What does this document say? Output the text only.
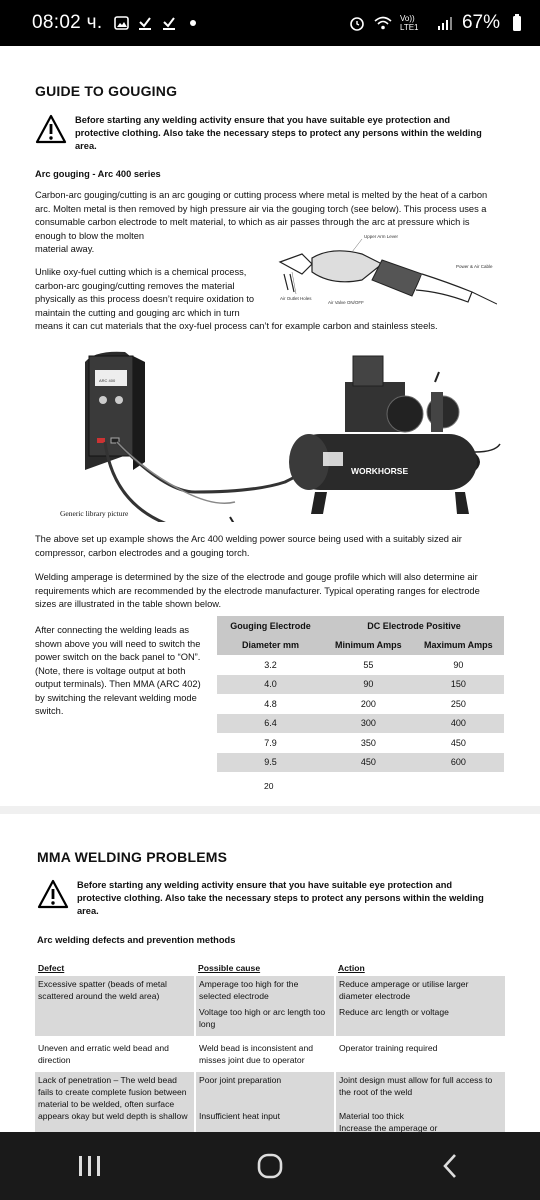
08:02 ч.	Vo)) LTE1	67%
GUIDE TO GOUGING

Before starting any welding activity ensure that you have suitable eye protection and protective clothing. Also take the necessary steps to protect any persons within the welding area.

Arc gouging - Arc 400 series
Carbon-arc gouging/cutting is an arc gouging or cutting process where metal is melted by the heat of a carbon arc. Molten metal is then removed by high pressure air via the gouging torch (see below). This process uses a consumable carbon electrode to melt material, to which as air passes through the arc at pressure which is enough to blow the molten
material away.
Unlike oxy-fuel cutting which is a chemical process,
carbon-arc gouging/cutting removes the material
physically as this process doesn’t require oxidation to
maintain the cutting and gouging arc which in turn
means it can cut materials that the oxy-fuel process can’t for example carbon and stainless steels.
Upper Arm Lever
Power & Air Cable
Air Outlet Holes
Air Valve ON/OFF
WORKHORSE
ARC 400
Generic library picture
The above set up example shows the Arc 400 welding power source being used with a suitably sized air compressor, carbon electrodes and a gouging torch.
Welding amperage is determined by the size of the electrode and gouge profile which will also determine air requirements which are recommended by the electrode manufacturer. Typical operating ranges for electrode sizes are illustrated in the table shown below.
After connecting the welding leads as shown above you will need to switch the power switch on the back panel to “ON”. (Note, there is voltage output at both output terminals). Then MMA (ARC 402) by switching the relevant welding mode switch.
Gouging Electrode	DC Electrode Positive	
Diameter mm	Minimum Amps	Maximum Amps
3.2	55	90
4.0	90	150
4.8	200	250
6.4	300	400
7.9	350	450
9.5	450	600
20
MMA WELDING PROBLEMS

Before starting any welding activity ensure that you have suitable eye protection and protective clothing. Also take the necessary steps to protect any persons within the welding area.

Arc welding defects and prevention methods
Defect	Possible cause	Action
Excessive spatter (beads of metal scattered around the weld area)	Amperage too high for the selected electrode	Reduce amperage or utilise larger diameter electrode
	Voltage too high or arc length too long	Reduce arc length or voltage
Uneven and erratic weld bead and direction	Weld bead is inconsistent and misses joint due to operator	Operator training required
Lack of penetration – The weld bead fails to create complete fusion between material to be welded, often surface appears okay but weld depth is shallow	Poor joint preparation	Joint design must allow for full access to the root of the weld
	Insufficient heat input	Material too thick
Increase the amperage or
